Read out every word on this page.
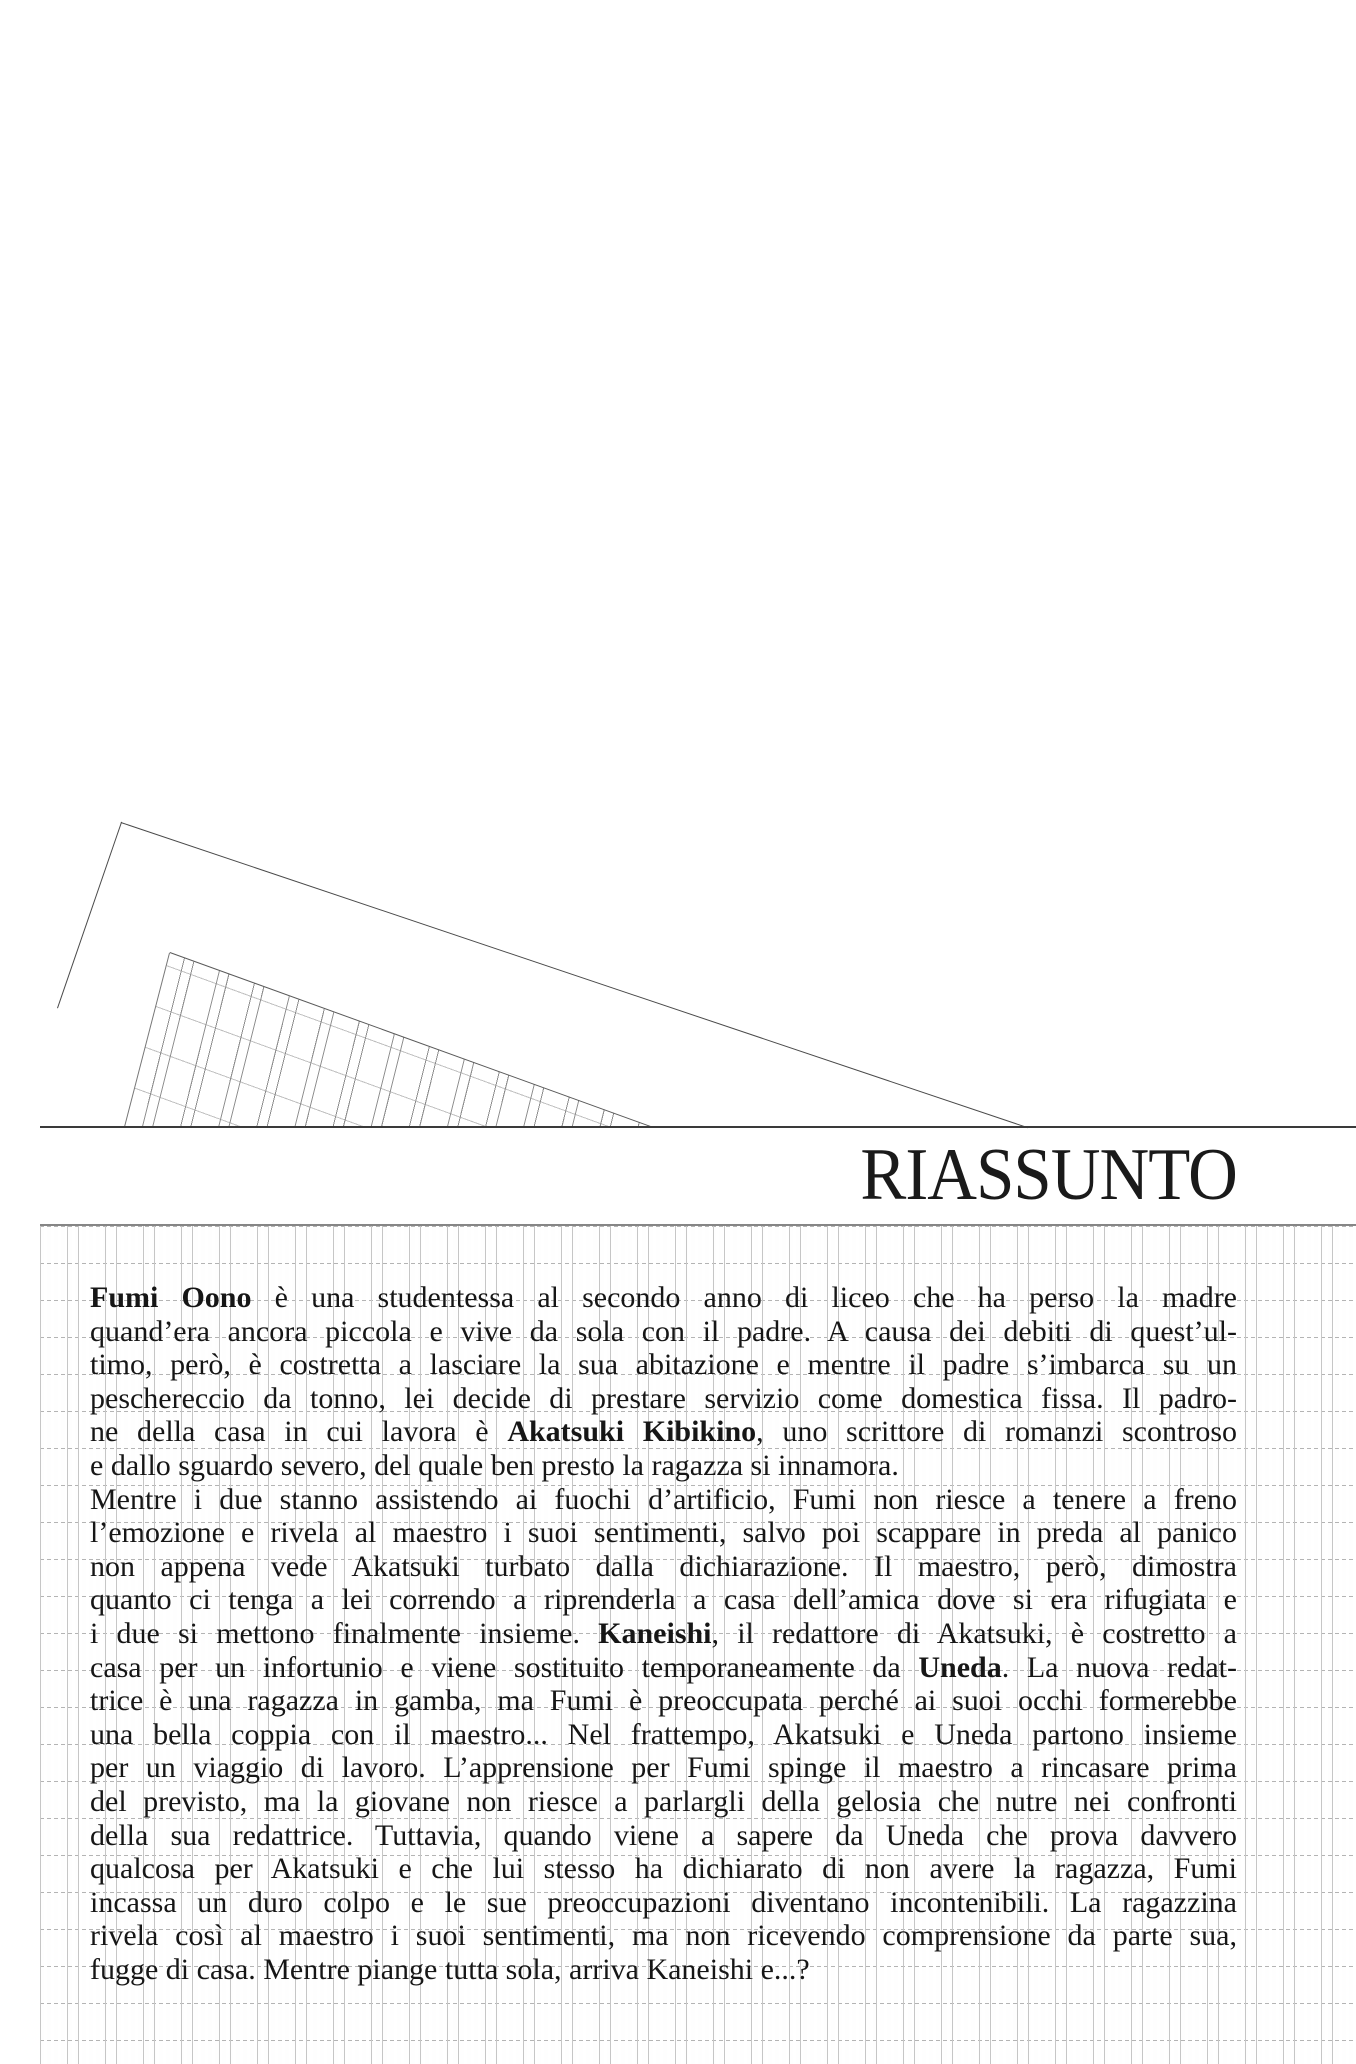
RIASSUNTO
Fumi Oono è una studentessa al secondo anno di liceo che ha perso la madre
quand’era ancora piccola e vive da sola con il padre. A causa dei debiti di quest’ul-
timo, però, è costretta a lasciare la sua abitazione e mentre il padre s’imbarca su un
peschereccio da tonno, lei decide di prestare servizio come domestica fissa. Il padro-
ne della casa in cui lavora è Akatsuki Kibikino, uno scrittore di romanzi scontroso
e dallo sguardo severo, del quale ben presto la ragazza si innamora.
Mentre i due stanno assistendo ai fuochi d’artificio, Fumi non riesce a tenere a freno
l’emozione e rivela al maestro i suoi sentimenti, salvo poi scappare in preda al panico
non appena vede Akatsuki turbato dalla dichiarazione. Il maestro, però, dimostra
quanto ci tenga a lei correndo a riprenderla a casa dell’amica dove si era rifugiata e
i due si mettono finalmente insieme. Kaneishi, il redattore di Akatsuki, è costretto a
casa per un infortunio e viene sostituito temporaneamente da Uneda. La nuova redat-
trice è una ragazza in gamba, ma Fumi è preoccupata perché ai suoi occhi formerebbe
una bella coppia con il maestro... Nel frattempo, Akatsuki e Uneda partono insieme
per un viaggio di lavoro. L’apprensione per Fumi spinge il maestro a rincasare prima
del previsto, ma la giovane non riesce a parlargli della gelosia che nutre nei confronti
della sua redattrice. Tuttavia, quando viene a sapere da Uneda che prova davvero
qualcosa per Akatsuki e che lui stesso ha dichiarato di non avere la ragazza, Fumi
incassa un duro colpo e le sue preoccupazioni diventano incontenibili. La ragazzina
rivela così al maestro i suoi sentimenti, ma non ricevendo comprensione da parte sua,
fugge di casa. Mentre piange tutta sola, arriva Kaneishi e...?
